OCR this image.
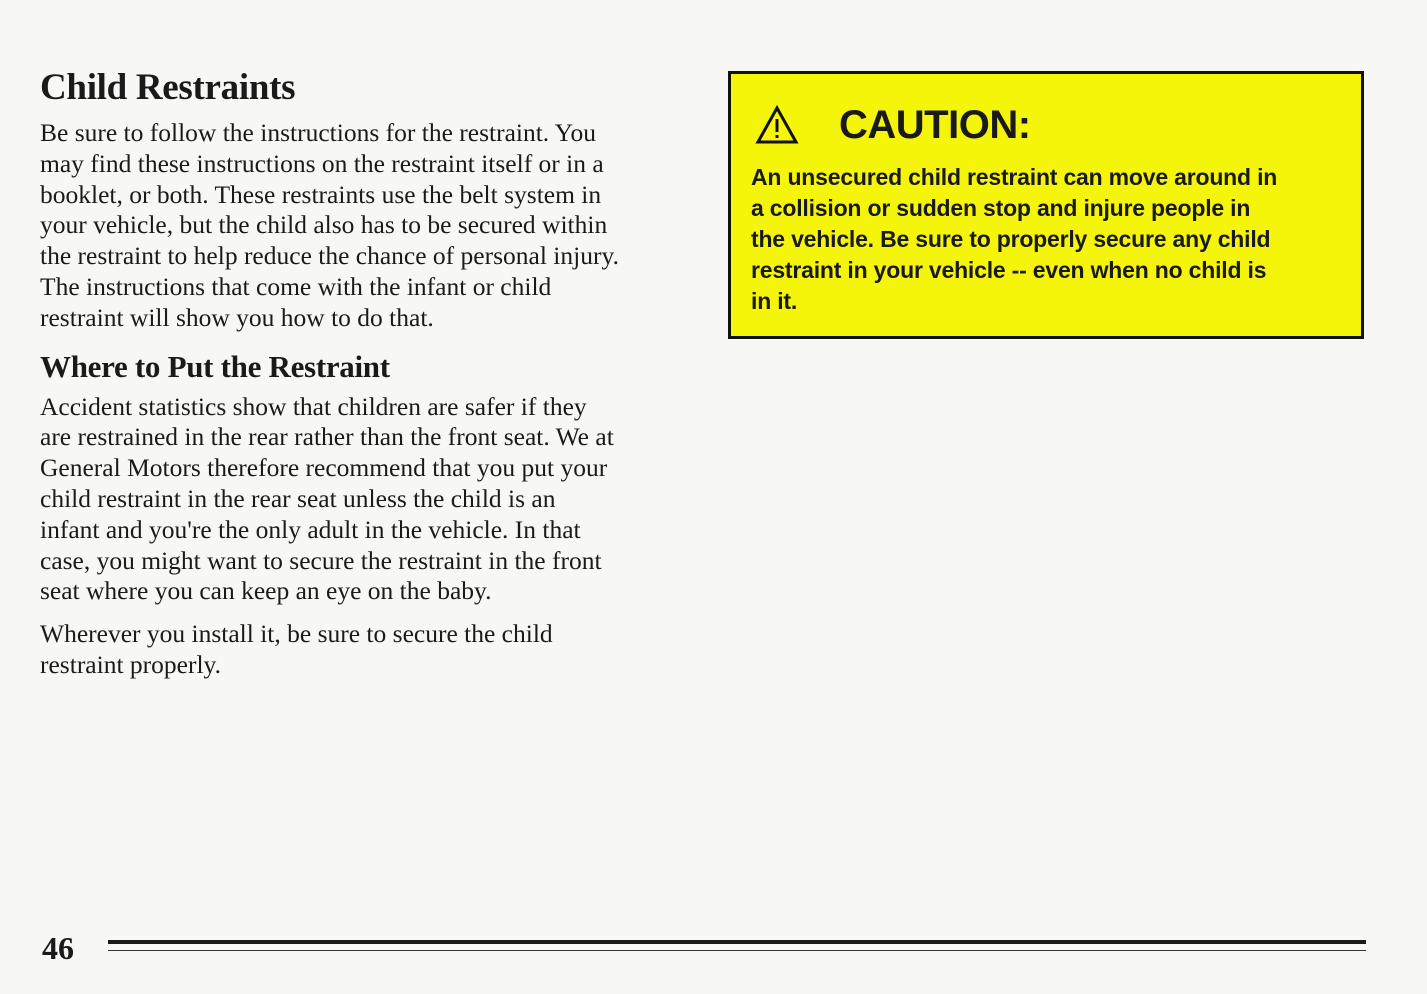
Child Restraints

Be sure to follow the instructions for the restraint. You
may find these instructions on the restraint itself or in a
booklet, or both. These restraints use the belt system in
your vehicle, but the child also has to be secured within
the restraint to help reduce the chance of personal injury.
The instructions that come with the infant or child
restraint will show you how to do that.

Where to Put the Restraint

Accident statistics show that children are safer if they
are restrained in the rear rather than the front seat. We at
General Motors therefore recommend that you put your
child restraint in the rear seat unless the child is an
infant and you're the only adult in the vehicle. In that
case, you might want to secure the restraint in the front
seat where you can keep an eye on the baby.

Wherever you install it, be sure to secure the child
restraint properly.

CAUTION:

An unsecured child restraint can move around in
a collision or sudden stop and injure people in
the vehicle. Be sure to properly secure any child
restraint in your vehicle -- even when no child is
in it.

46
